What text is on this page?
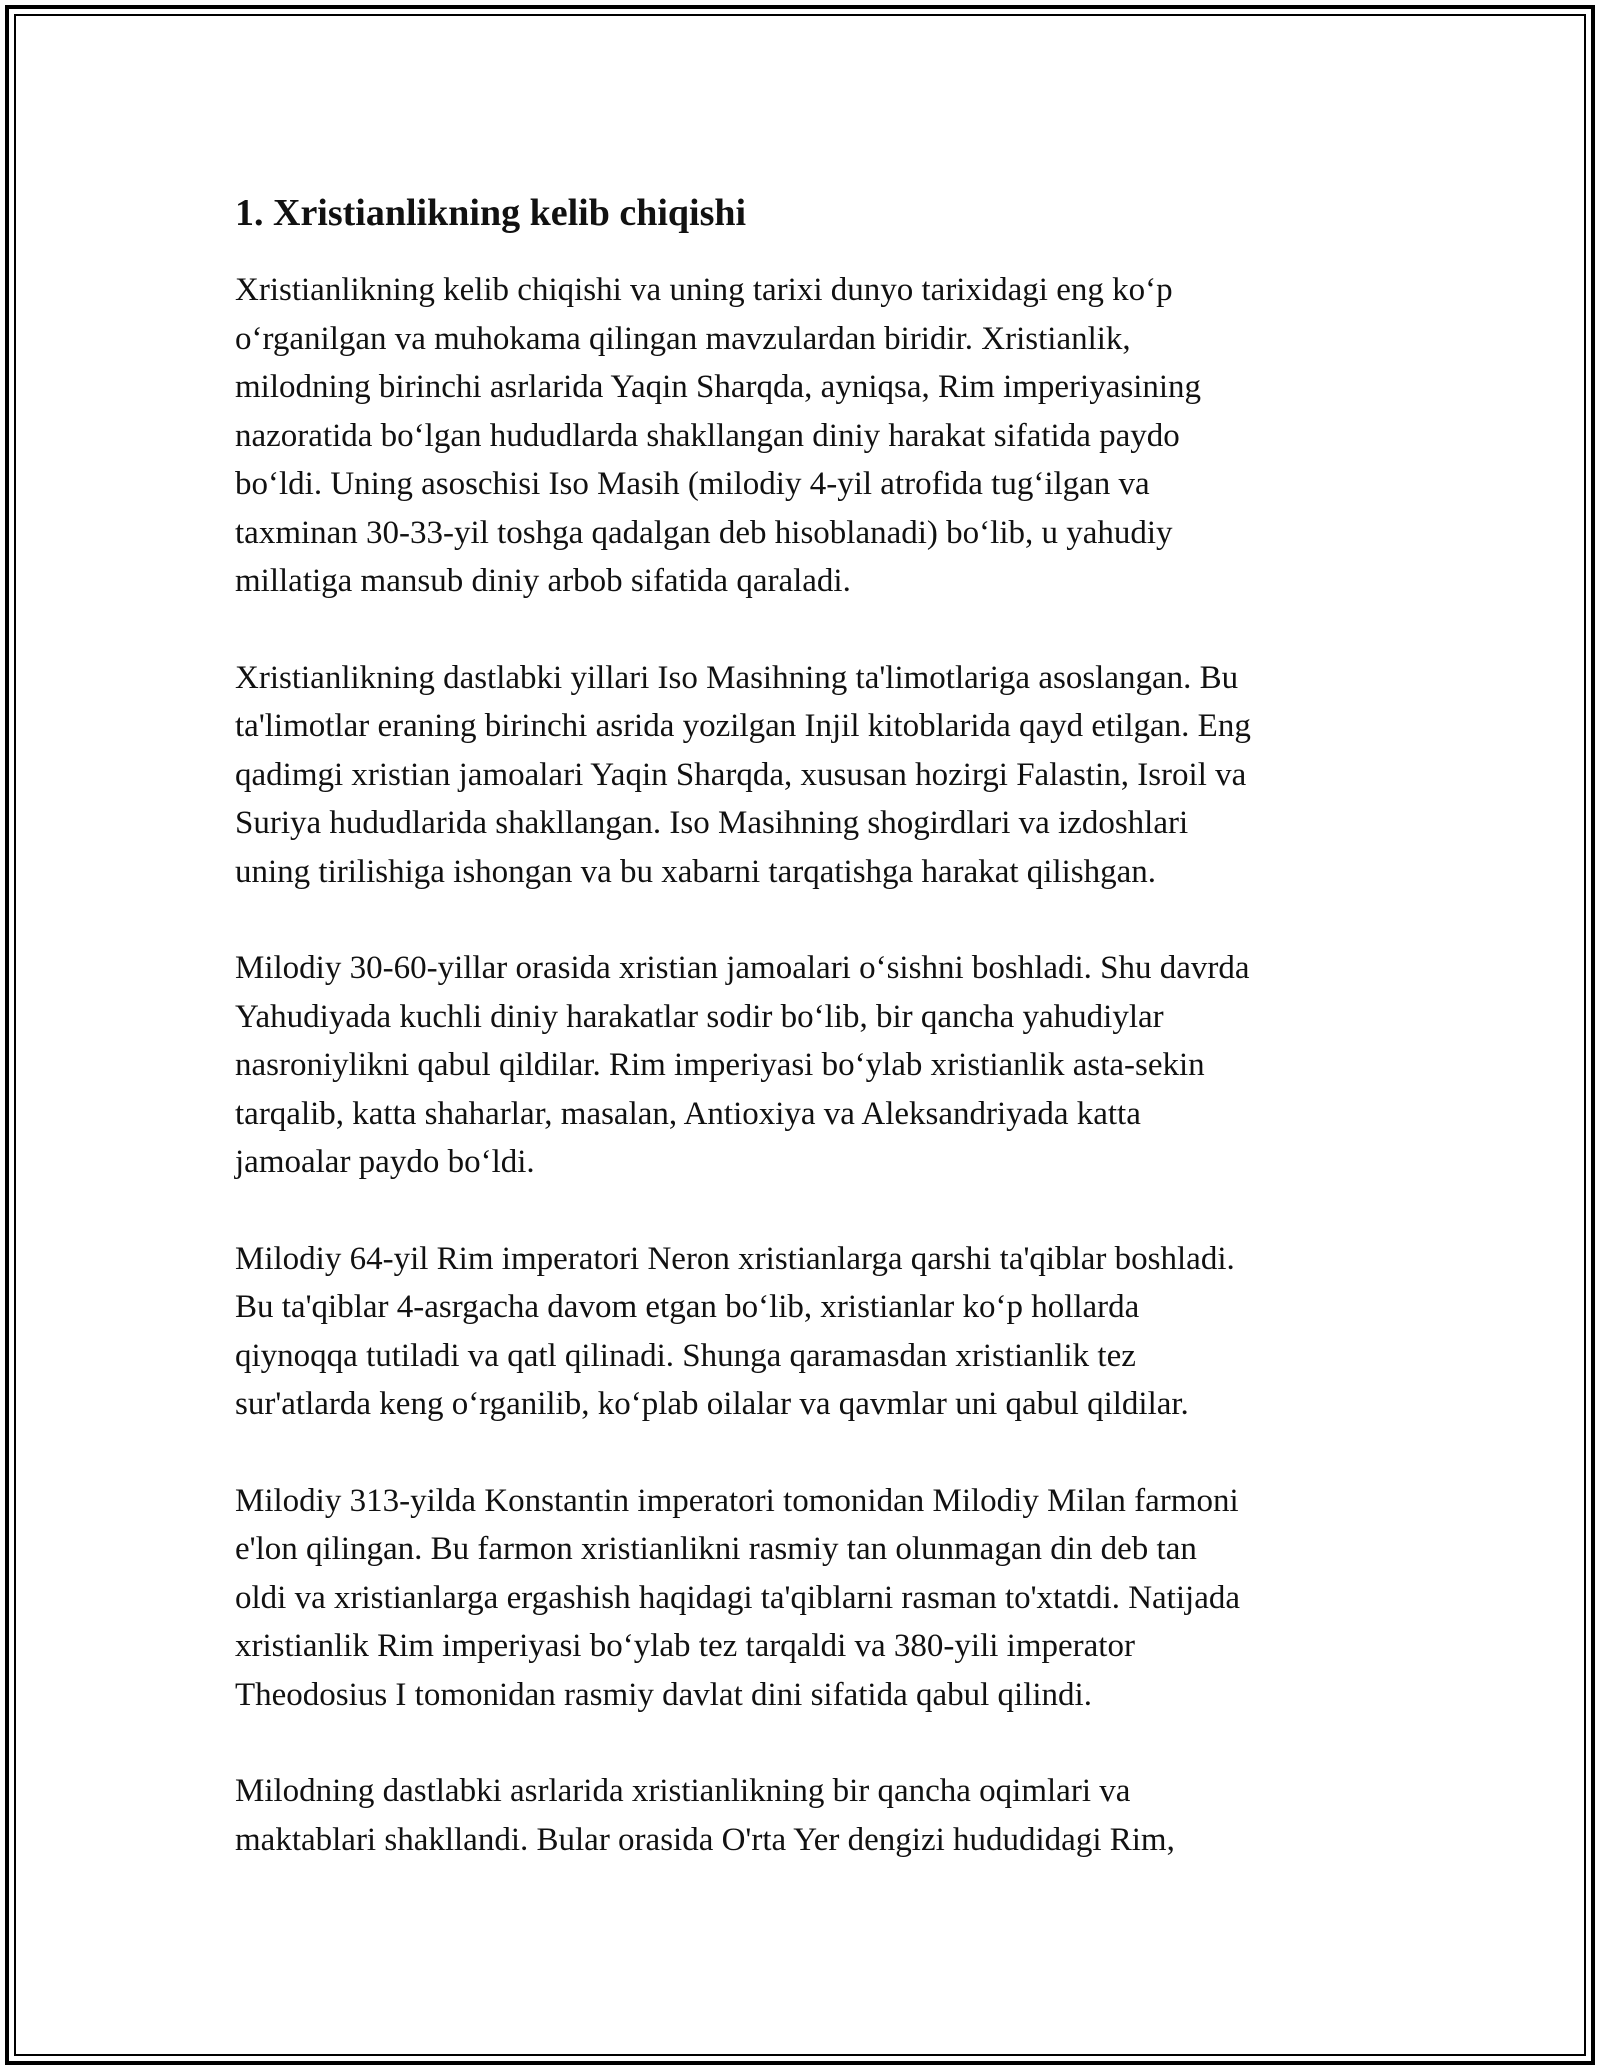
1. Xristianlikning kelib chiqishi

Xristianlikning kelib chiqishi va uning tarixi dunyo tarixidagi eng koʻp
oʻrganilgan va muhokama qilingan mavzulardan biridir. Xristianlik,
milodning birinchi asrlarida Yaqin Sharqda, ayniqsa, Rim imperiyasining
nazoratida boʻlgan hududlarda shakllangan diniy harakat sifatida paydo
boʻldi. Uning asoschisi Iso Masih (milodiy 4-yil atrofida tugʻilgan va
taxminan 30-33-yil toshga qadalgan deb hisoblanadi) boʻlib, u yahudiy
millatiga mansub diniy arbob sifatida qaraladi.

Xristianlikning dastlabki yillari Iso Masihning ta'limotlariga asoslangan. Bu
ta'limotlar eraning birinchi asrida yozilgan Injil kitoblarida qayd etilgan. Eng
qadimgi xristian jamoalari Yaqin Sharqda, xususan hozirgi Falastin, Isroil va
Suriya hududlarida shakllangan. Iso Masihning shogirdlari va izdoshlari
uning tirilishiga ishongan va bu xabarni tarqatishga harakat qilishgan.

Milodiy 30-60-yillar orasida xristian jamoalari oʻsishni boshladi. Shu davrda
Yahudiyada kuchli diniy harakatlar sodir boʻlib, bir qancha yahudiylar
nasroniylikni qabul qildilar. Rim imperiyasi boʻylab xristianlik asta-sekin
tarqalib, katta shaharlar, masalan, Antioxiya va Aleksandriyada katta
jamoalar paydo boʻldi.

Milodiy 64-yil Rim imperatori Neron xristianlarga qarshi ta'qiblar boshladi.
Bu ta'qiblar 4-asrgacha davom etgan boʻlib, xristianlar koʻp hollarda
qiynoqqa tutiladi va qatl qilinadi. Shunga qaramasdan xristianlik tez
sur'atlarda keng oʻrganilib, koʻplab oilalar va qavmlar uni qabul qildilar.

Milodiy 313-yilda Konstantin imperatori tomonidan Milodiy Milan farmoni
e'lon qilingan. Bu farmon xristianlikni rasmiy tan olunmagan din deb tan
oldi va xristianlarga ergashish haqidagi ta'qiblarni rasman to'xtatdi. Natijada
xristianlik Rim imperiyasi boʻylab tez tarqaldi va 380-yili imperator
Theodosius I tomonidan rasmiy davlat dini sifatida qabul qilindi.

Milodning dastlabki asrlarida xristianlikning bir qancha oqimlari va
maktablari shakllandi. Bular orasida O'rta Yer dengizi hududidagi Rim,
